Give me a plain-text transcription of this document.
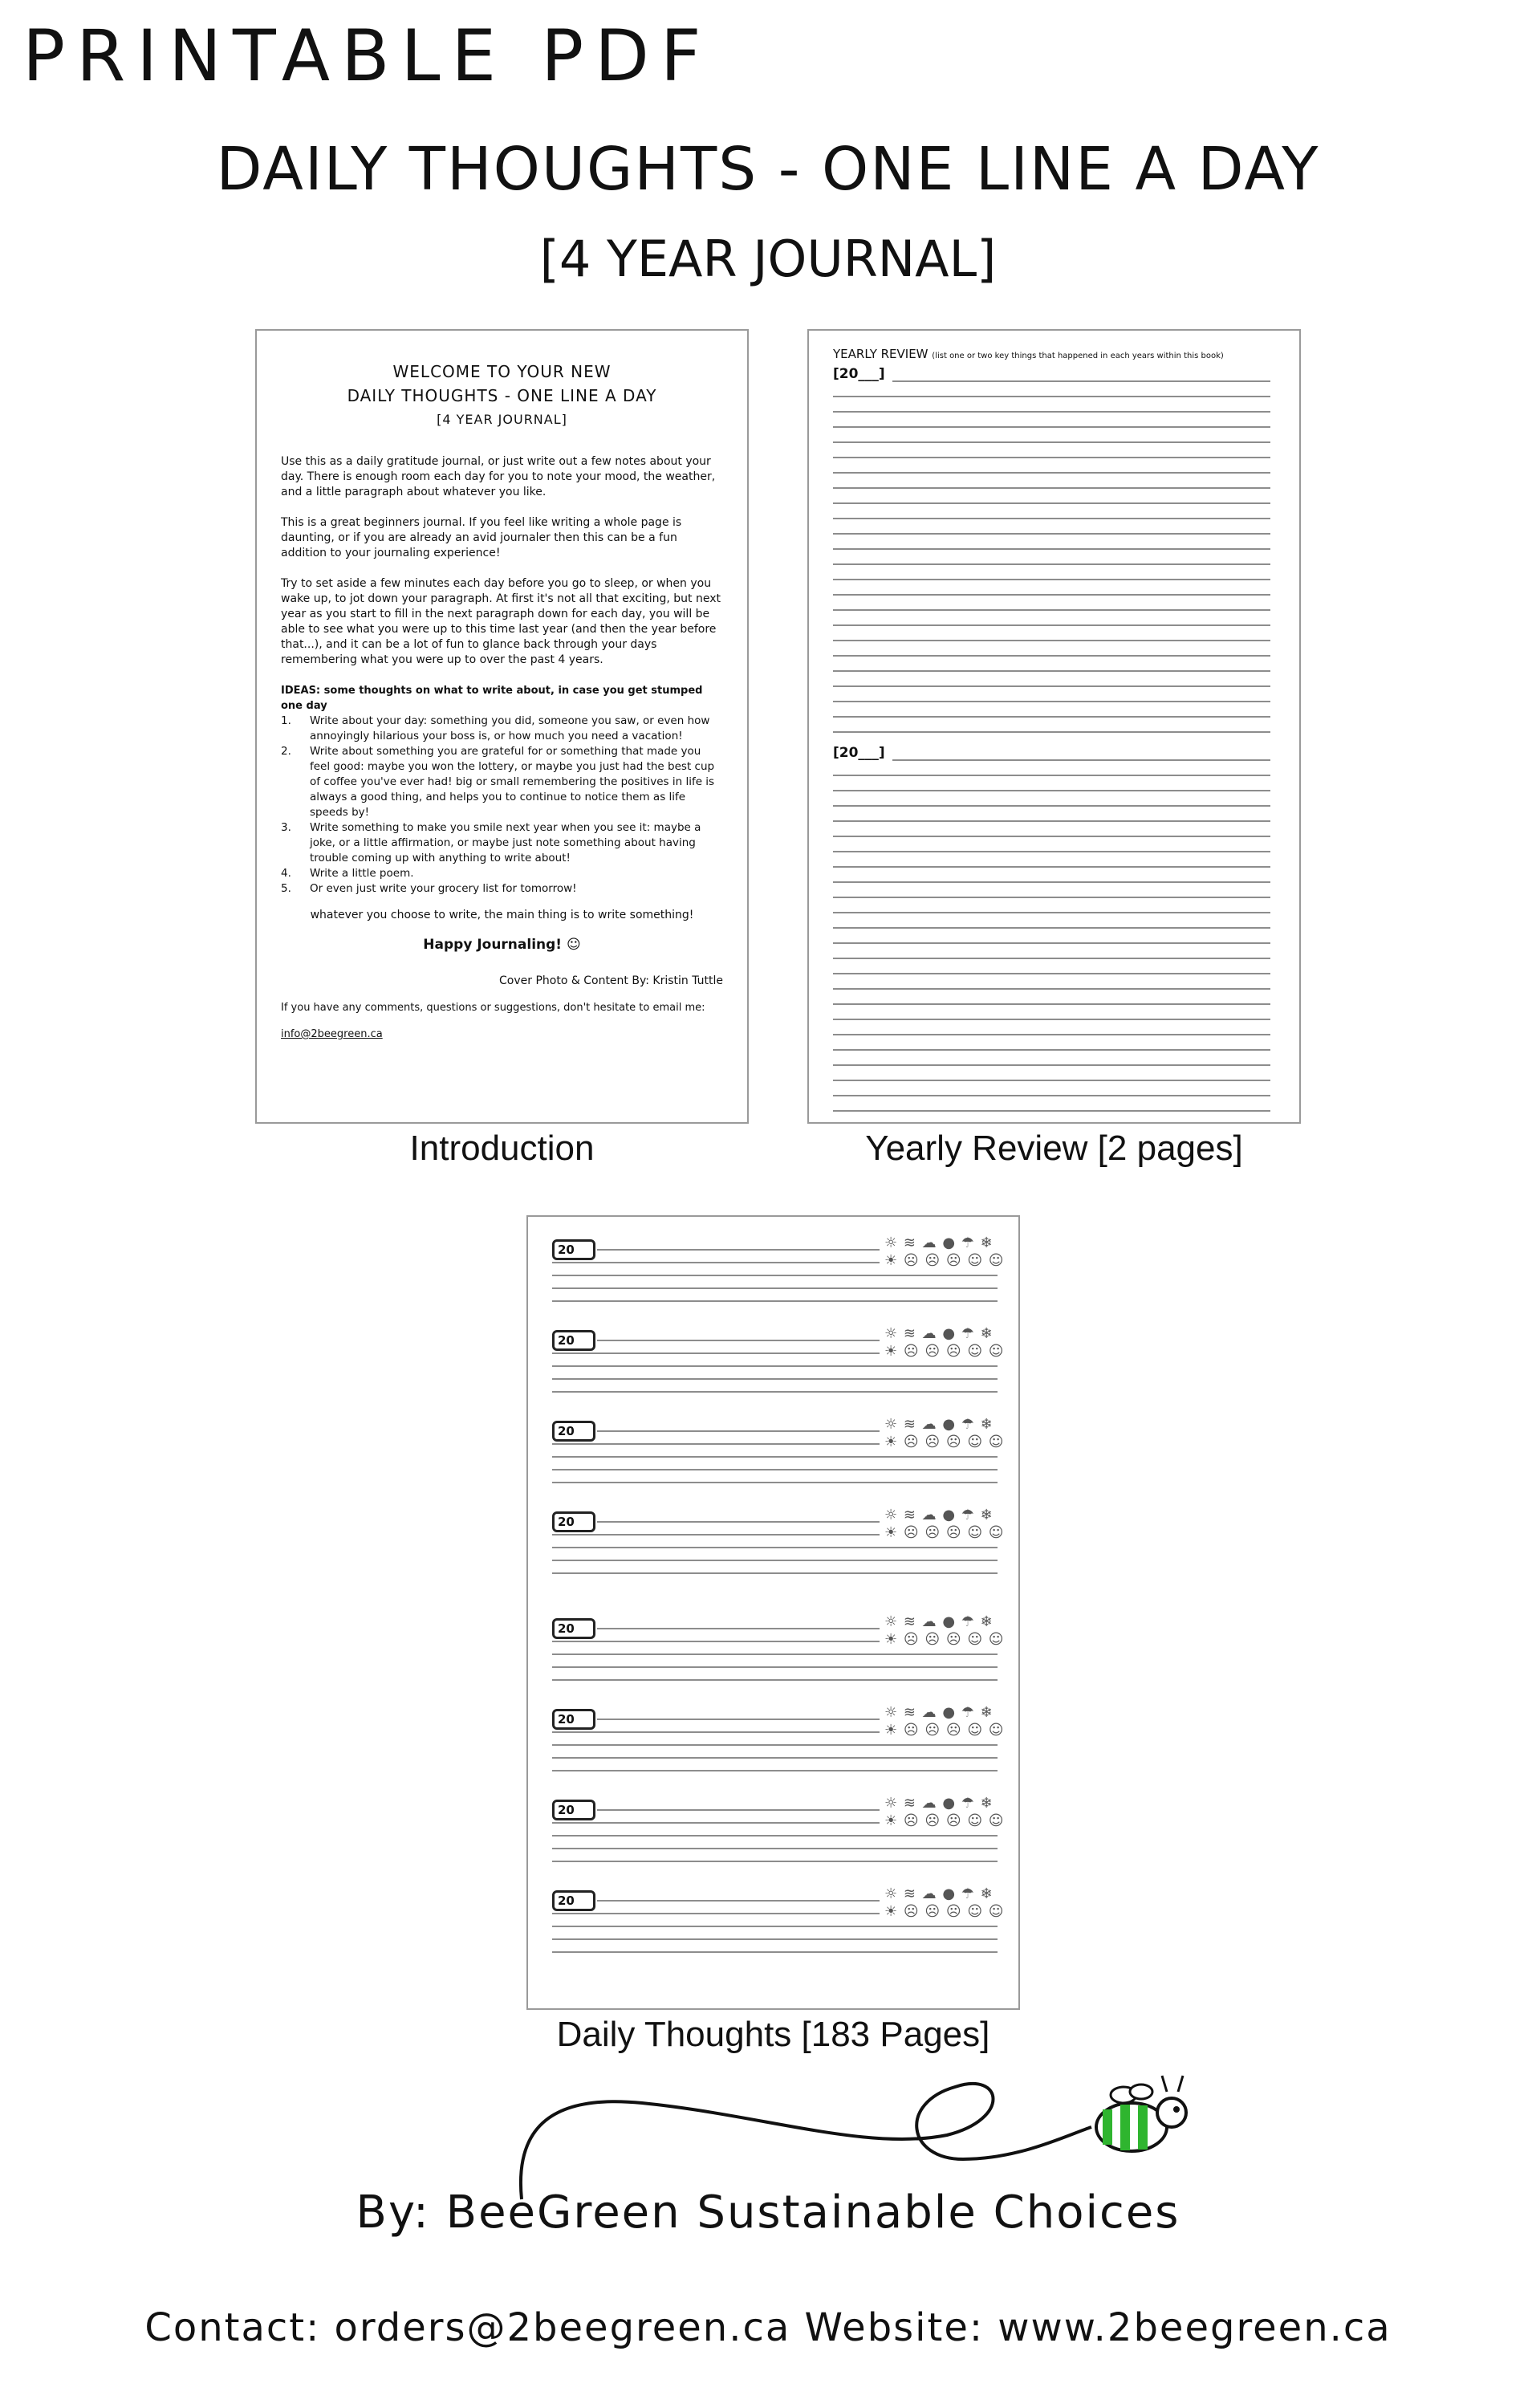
PRINTABLE PDF
DAILY THOUGHTS - ONE LINE A DAY
[4 YEAR JOURNAL]
WELCOME TO YOUR NEW
DAILY THOUGHTS - ONE LINE A DAY
[4 YEAR JOURNAL]

Use this as a daily gratitude journal, or just write out a few notes about your day. There is enough room each day for you to note your mood, the weather, and a little paragraph about whatever you like.

This is a great beginners journal. If you feel like writing a whole page is daunting, or if you are already an avid journaler then this can be a fun addition to your journaling experience!

Try to set aside a few minutes each day before you go to sleep, or when you wake up, to jot down your paragraph. At first it's not all that exciting, but next year as you start to fill in the next paragraph down for each day, you will be able to see what you were up to this time last year (and then the year before that...), and it can be a lot of fun to glance back through your days remembering what you were up to over the past 4 years.

IDEAS: some thoughts on what to write about, in case you get stumped one day
1.	Write about your day: something you did, someone you saw, or even how annoyingly hilarious your boss is, or how much you need a vacation!
2.	Write about something you are grateful for or something that made you feel good: maybe you won the lottery, or maybe you just had the best cup of coffee you've ever had! big or small remembering the positives in life is always a good thing, and helps you to continue to notice them as life speeds by!
3.	Write something to make you smile next year when you see it: maybe a joke, or a little affirmation, or maybe just note something about having trouble coming up with anything to write about!
4.	Write a little poem.
5.	Or even just write your grocery list for tomorrow!
whatever you choose to write, the main thing is to write something!
Happy Journaling! ☺
Cover Photo & Content By: Kristin Tuttle
If you have any comments, questions or suggestions, don't hesitate to email me:
info@2beegreen.ca
Introduction
YEARLY REVIEW (list one or two key things that happened in each years within this book)
[20___]
[20___]
Yearly Review [2 pages]
20	☼ ≋ ☁ ● ☂ ❄
☀ ☹ ☹ ☹ ☺ ☺
20	☼ ≋ ☁ ● ☂ ❄
☀ ☹ ☹ ☹ ☺ ☺
20	☼ ≋ ☁ ● ☂ ❄
☀ ☹ ☹ ☹ ☺ ☺
20	☼ ≋ ☁ ● ☂ ❄
☀ ☹ ☹ ☹ ☺ ☺
20	☼ ≋ ☁ ● ☂ ❄
☀ ☹ ☹ ☹ ☺ ☺
20	☼ ≋ ☁ ● ☂ ❄
☀ ☹ ☹ ☹ ☺ ☺
20	☼ ≋ ☁ ● ☂ ❄
☀ ☹ ☹ ☹ ☺ ☺
20	☼ ≋ ☁ ● ☂ ❄
☀ ☹ ☹ ☹ ☺ ☺
Daily Thoughts [183 Pages]
By: BeeGreen Sustainable Choices
Contact: orders@2beegreen.ca Website: www.2beegreen.ca
